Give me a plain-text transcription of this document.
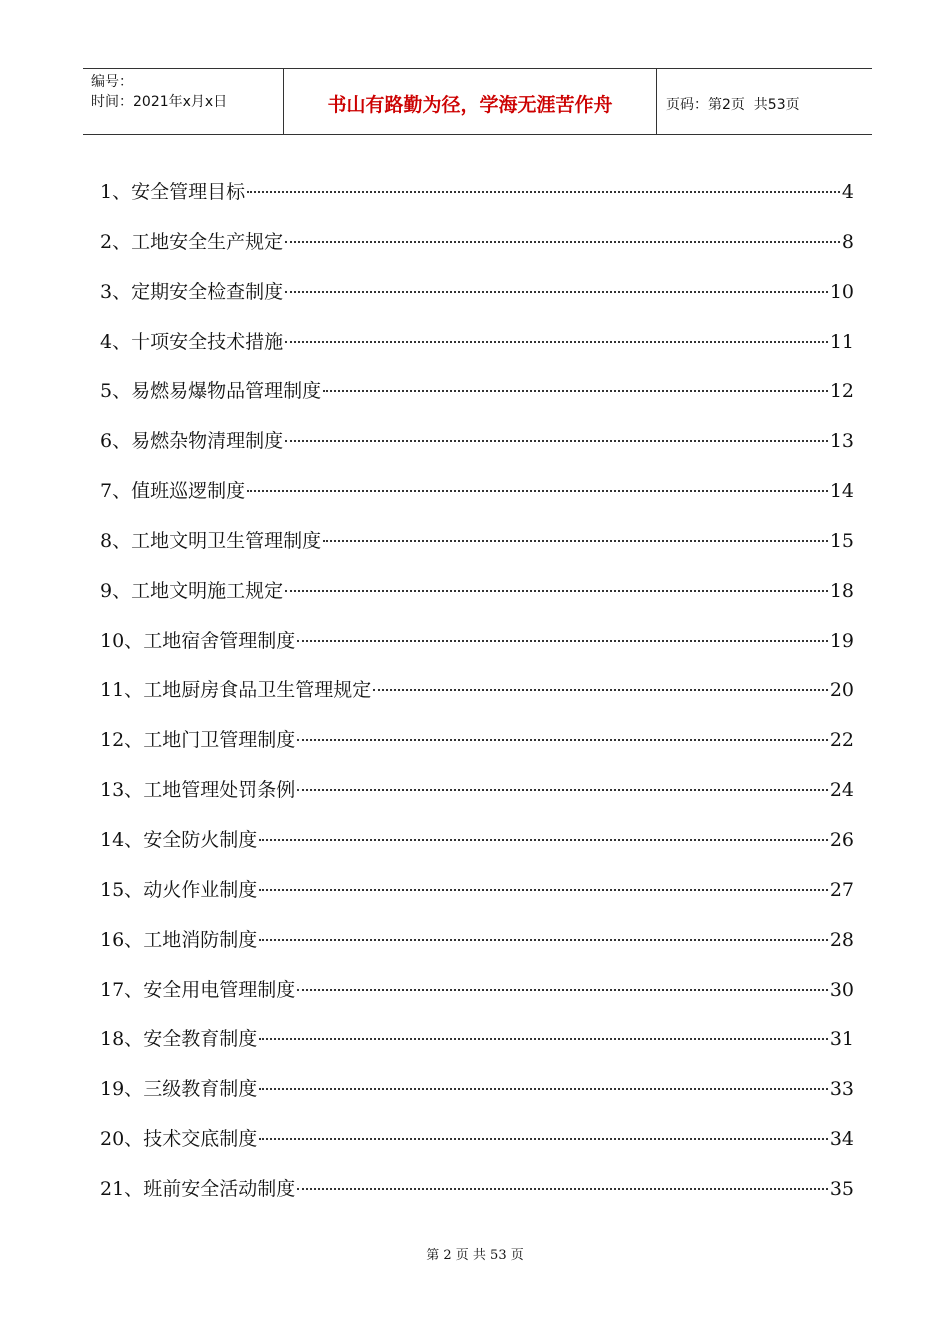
编号：
时间：2021年x月x日	书山有路勤为径，学海无涯苦作舟	页码：第2页  共53页
1、 安全管理目标	4
2、 工地安全生产规定	8
3、 定期安全检查制度	10
4、 十项安全技术措施	11
5、 易燃易爆物品管理制度	12
6、 易燃杂物清理制度	13
7、 值班巡逻制度	14
8、 工地文明卫生管理制度	15
9、 工地文明施工规定	18
10、 工地宿舍管理制度	19
11、 工地厨房食品卫生管理规定	20
12、 工地门卫管理制度	22
13、 工地管理处罚条例	24
14、 安全防火制度	26
15、 动火作业制度	27
16、 工地消防制度	28
17、 安全用电管理制度	30
18、 安全教育制度	31
19、 三级教育制度	33
20、 技术交底制度	34
21、 班前安全活动制度	35
第 2 页 共 53 页
